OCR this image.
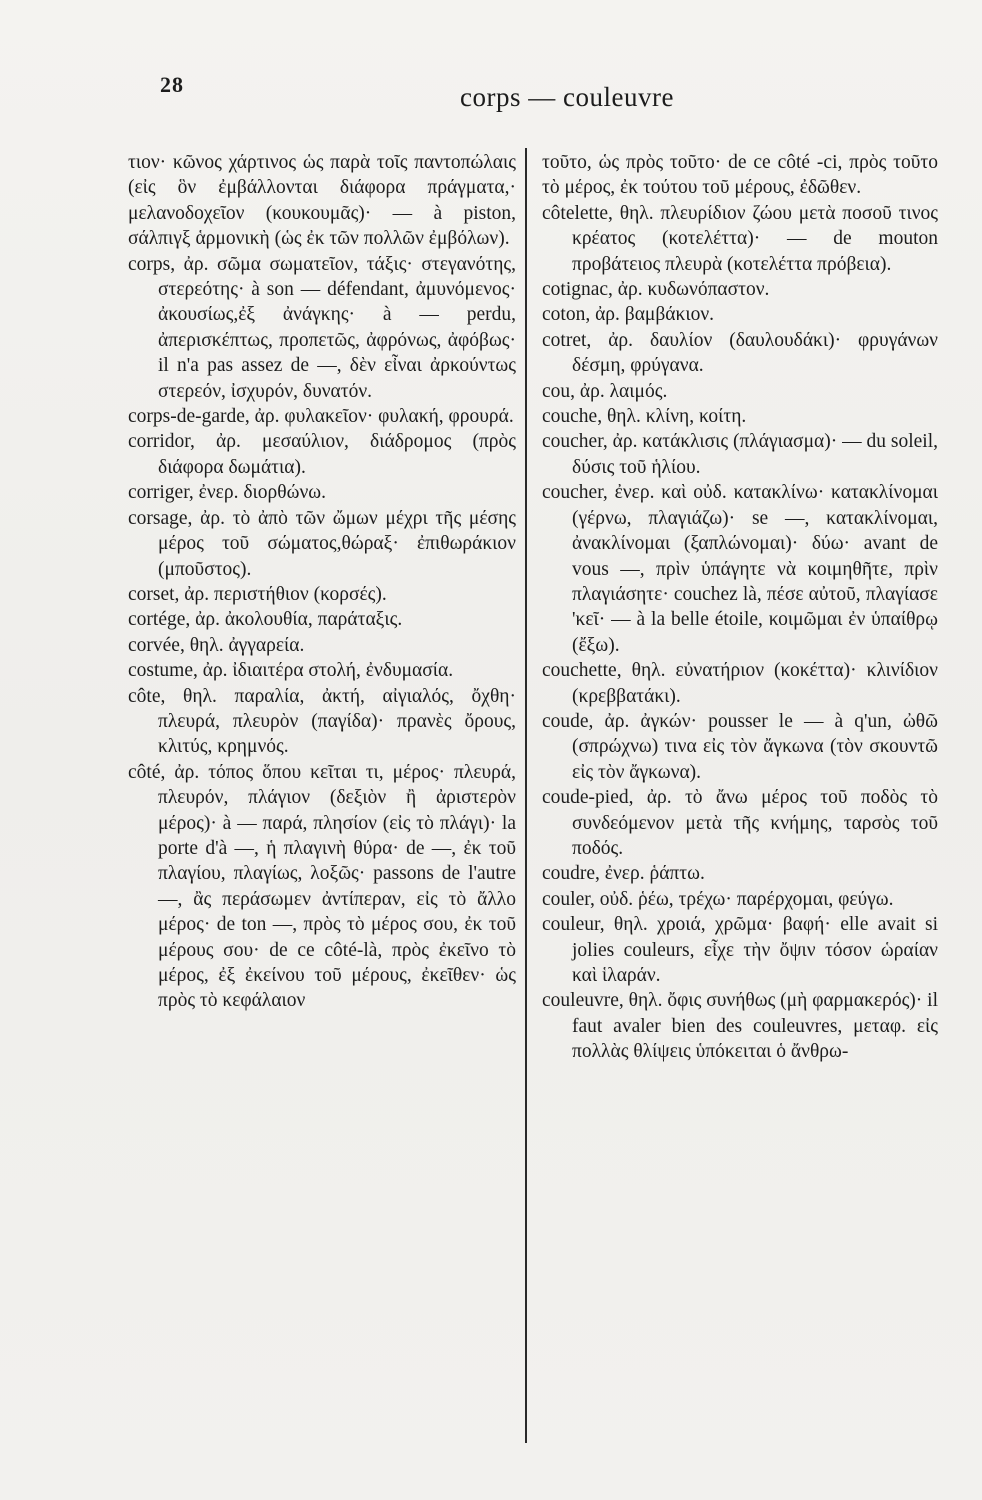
28	corps — couleuvre

τιον· κῶνος χάρτινος ὡς παρὰ τοῖς παντοπώλαις (εἰς ὃν ἐμβάλλονται διάφορα πράγματα,· μελανοδοχεῖον (κουκουμᾶς)· — à piston, σάλπιγξ ἁρμονικὴ (ὡς ἐκ τῶν πολλῶν ἐμβόλων).

corps, ἀρ. σῶμα σωματεῖον, τάξις· στεγανότης, στερεότης· à son — défendant, ἀμυνόμενος· ἀκουσίως,ἐξ ἀνάγκης· à — perdu, ἀπερισκέπτως, προπετῶς, ἀφρόνως, ἀφόβως· il n'a pas assez de —, δὲν εἶναι ἀρκούντως στερεόν, ἰσχυρόν, δυνατόν.

corps-de-garde, ἀρ. φυλακεῖον· φυλακή, φρουρά.

corridor, ἀρ. μεσαύλιον, διάδρομος (πρὸς διάφορα δωμάτια).

corriger, ἐνερ. διορθώνω.

corsage, ἀρ. τὸ ἀπὸ τῶν ὤμων μέχρι τῆς μέσης μέρος τοῦ σώματος,θώραξ· ἐπιθωράκιον (μποῦστος).

corset, ἀρ. περιστήθιον (κορσές).

cortége, ἀρ. ἀκολουθία, παράταξις.

corvée, θηλ. ἀγγαρεία.

costume, ἀρ. ἰδιαιτέρα στολή, ἐνδυμασία.

côte, θηλ. παραλία, ἀκτή, αἰγιαλός, ὄχθη· πλευρά, πλευρὸν (παγίδα)· πρανὲς ὄρους, κλιτύς, κρημνός.

côté, ἀρ. τόπος ὅπου κεῖται τι, μέρος· πλευρά, πλευρόν, πλάγιον (δεξιὸν ἢ ἀριστερὸν μέρος)· à — παρά, πλησίον (εἰς τὸ πλάγι)· la porte d'à —, ἡ πλαγινὴ θύρα· de —, ἐκ τοῦ πλαγίου, πλαγίως, λοξῶς· passons de l'autre —, ἂς περάσωμεν ἀντίπεραν, εἰς τὸ ἄλλο μέρος· de ton —, πρὸς τὸ μέρος σου, ἐκ τοῦ μέρους σου· de ce côté-là, πρὸς ἐκεῖνο τὸ μέρος, ἐξ ἐκείνου τοῦ μέρους, ἐκεῖθεν· ὡς πρὸς τὸ κεφάλαιον

τοῦτο, ὡς πρὸς τοῦτο· de ce côté -ci, πρὸς τοῦτο τὸ μέρος, ἐκ τούτου τοῦ μέρους, ἐδῶθεν.

côtelette, θηλ. πλευρίδιον ζώου μετὰ ποσοῦ τινος κρέατος (κοτελέττα)· — de mouton προβάτειος πλευρὰ (κοτελέττα πρόβεια).

cotignac, ἀρ. κυδωνόπαστον.

coton, ἀρ. βαμβάκιον.

cotret, ἀρ. δαυλίον (δαυλουδάκι)· φρυγάνων δέσμη, φρύγανα.

cou, ἀρ. λαιμός.

couche, θηλ. κλίνη, κοίτη.

coucher, ἀρ. κατάκλισις (πλάγιασμα)· — du soleil, δύσις τοῦ ἡλίου.

coucher, ἐνερ. καὶ οὐδ. κατακλίνω· κατακλίνομαι (γέρνω, πλαγιάζω)· se —, κατακλίνομαι, ἀνακλίνομαι (ξαπλώνομαι)· δύω· avant de vous —, πρὶν ὑπάγητε νὰ κοιμηθῆτε, πρὶν πλαγιάσητε· couchez là, πέσε αὐτοῦ, πλαγίασε 'κεῖ· — à la belle étoile, κοιμῶμαι ἐν ὑπαίθρῳ (ἔξω).

couchette, θηλ. εὐνατήριον (κοκέττα)· κλινίδιον (κρεββατάκι).

coude, ἀρ. ἀγκών· pousser le — à q'un, ὠθῶ (σπρώχνω) τινα εἰς τὸν ἄγκωνα (τὸν σκουντῶ εἰς τὸν ἄγκωνα).

coude-pied, ἀρ. τὸ ἄνω μέρος τοῦ ποδὸς τὸ συνδεόμενον μετὰ τῆς κνήμης, ταρσὸς τοῦ ποδός.

coudre, ἐνερ. ῥάπτω.

couler, οὐδ. ῥέω, τρέχω· παρέρχομαι, φεύγω.

couleur, θηλ. χροιά, χρῶμα· βαφή· elle avait si jolies couleurs, εἶχε τὴν ὄψιν τόσον ὡραίαν καὶ ἱλαράν.

couleuvre, θηλ. ὄφις συνήθως (μὴ φαρμακερός)· il faut avaler bien des couleuvres, μεταφ. εἰς πολλὰς θλίψεις ὑπόκειται ὁ ἄνθρω-
